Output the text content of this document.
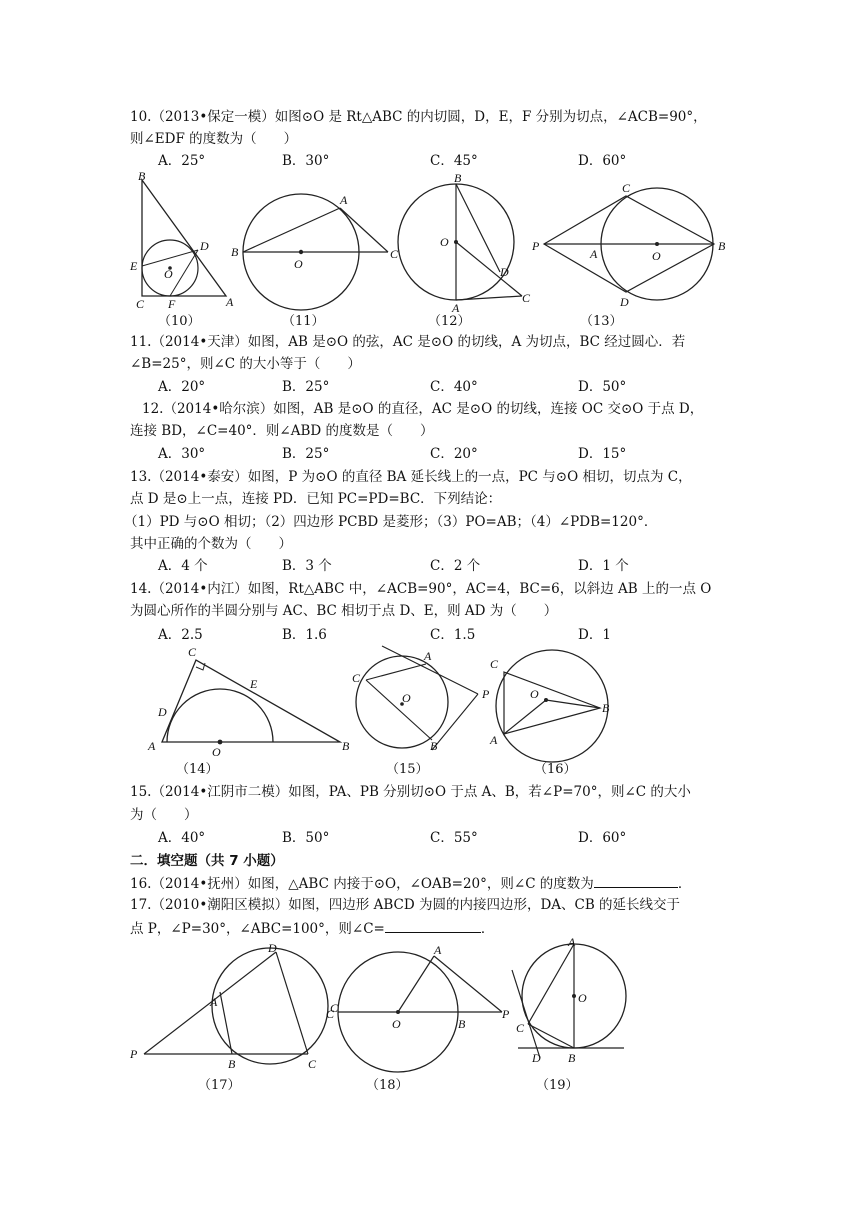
10.（2013•保定一模）如图⊙O 是 Rt△ABC 的内切圆，D，E，F 分别为切点，∠ACB=90°，
则∠EDF 的度数为（　　）
A．25°	B．30°	C．45°	D．60°
B
D
E
O
C F	A
（10）
A
B
O
C
（11）
B
O
D
A
C
（12）
C
P
A	O
B
D
（13）
11.（2014•天津）如图，AB 是⊙O 的弦，AC 是⊙O 的切线，A 为切点，BC 经过圆心．若
∠B=25°，则∠C 的大小等于（　　）
A．20°	B．25°	C．40°	D．50°
12.（2014•哈尔滨）如图，AB 是⊙O 的直径，AC 是⊙O 的切线，连接 OC 交⊙O 于点 D，
连接 BD，∠C=40°．则∠ABD 的度数是（　　）
A．30°	B．25°	C．20°	D．15°
13.（2014•泰安）如图，P 为⊙O 的直径 BA 延长线上的一点，PC 与⊙O 相切，切点为 C，
点 D 是⊙上一点，连接 PD．已知 PC=PD=BC．下列结论：
（1）PD 与⊙O 相切；（2）四边形 PCBD 是菱形；（3）PO=AB；（4）∠PDB=120°．
其中正确的个数为（　　）
A．4 个	B．3 个	C．2 个	D．1 个
14.（2014•内江）如图，Rt△ABC 中，∠ACB=90°，AC=4，BC=6，以斜边 AB 上的一点 O
为圆心所作的半圆分别与 AC、BC 相切于点 D、E，则 AD 为（　　）
A．2.5	B．1.6	C．1.5	D．1
C
E
D
A	O	B
（14）
A
C
O	P
B
（15）
C
O
B
A
（16）
15.（2014•江阴市二模）如图，PA、PB 分别切⊙O 于点 A、B，若∠P=70°，则∠C 的大小
为（　　）
A．40°	B．50°	C．55°	D．60°
二．填空题（共 7 小题）
16.（2014•抚州）如图，△ABC 内接于⊙O，∠OAB=20°，则∠C 的度数为	．
17.（2010•潮阳区模拟）如图，四边形 ABCD 为圆的内接四边形，DA、CB 的延长线交于
点 P，∠P=30°，∠ABC=100°，则∠C=	．
D
A	C
P
B	C
（17）
A
C
O	B
P
（18）
A
O
C
D B
（19）
